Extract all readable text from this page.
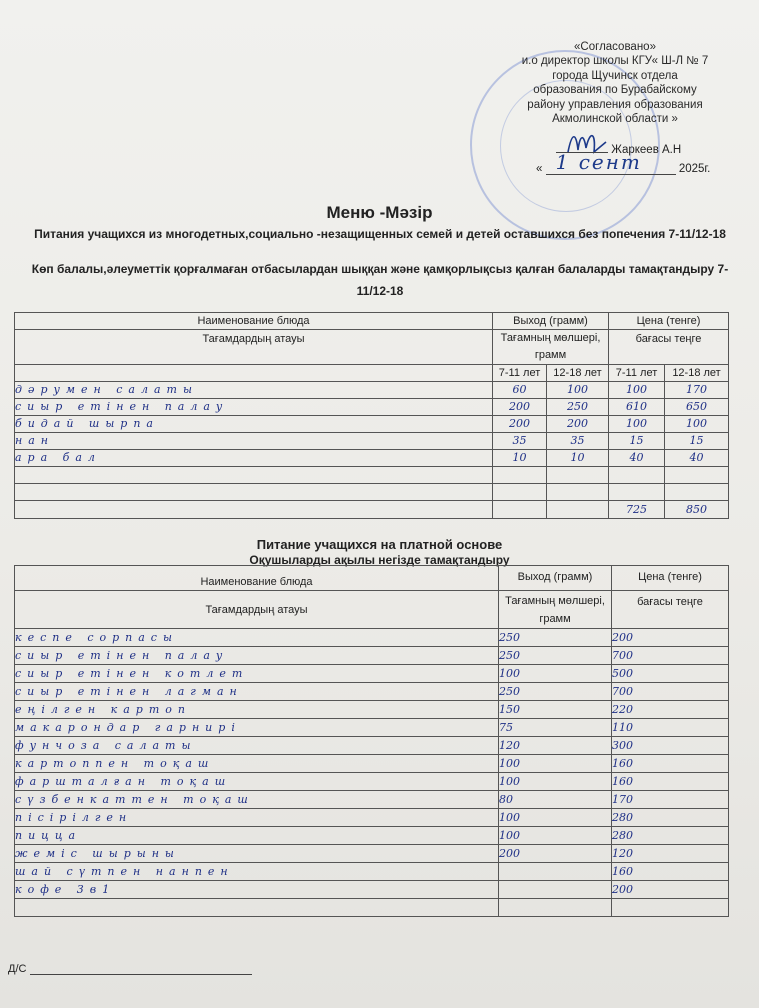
«Согласовано»
и.о директор школы КГУ« Ш-Л № 7
города Щучинск отдела
образования по Бурабайскому
району управления образования
Акмолинской области »
Жаркеев А.Н
« 1 сент	2025г.
Меню -Мәзір
Питания учащихся из многодетных,социально -незащищенных семей и детей оставшихся без попечения 7-11/12-18
Көп балалы,әлеуметтік қорғалмаған отбасылардан шыққан және қамқорлықсыз қалған балаларды тамақтандыру 7-11/12-18
Наименование блюда	Выход (грамм)		Цена (тенге)	
Тағамдардың атауы	Тағамның мөлшері, грамм		бағасы теңге	
	7-11 лет	12-18 лет	7-11 лет	12-18 лет
дәрумен салаты	60	100	100	170
сиыр етінен палау	200	250	610	650
бидай шырпа	200	200	100	100
нан	35	35	15	15
ара бал	10	10	40	40

			725	850
Питание учащихся на платной основе
Оқушыларды ақылы негізде тамақтандыру
Наименование блюда	Выход (грамм)	Цена (тенге)
Тағамдардың атауы	Тағамның мөлшері, грамм	бағасы теңге
кеспе сорпасы	250	200
сиыр етінен палау	250	700
сиыр етінен котлет	100	500
сиыр етінен лагман	250	700
еңілген картоп	150	220
макарондар гарнирі	75	110
фунчоза салаты	120	300
картоппен тоқаш	100	160
фаршталған тоқаш	100	160
сүзбенкаттен тоқаш	80	170
пісірілген	100	280
пицца	100	280
жеміс шырыны	200	120
шай сүтпен нанпен		160
кофе 3в1		200

Д/С
